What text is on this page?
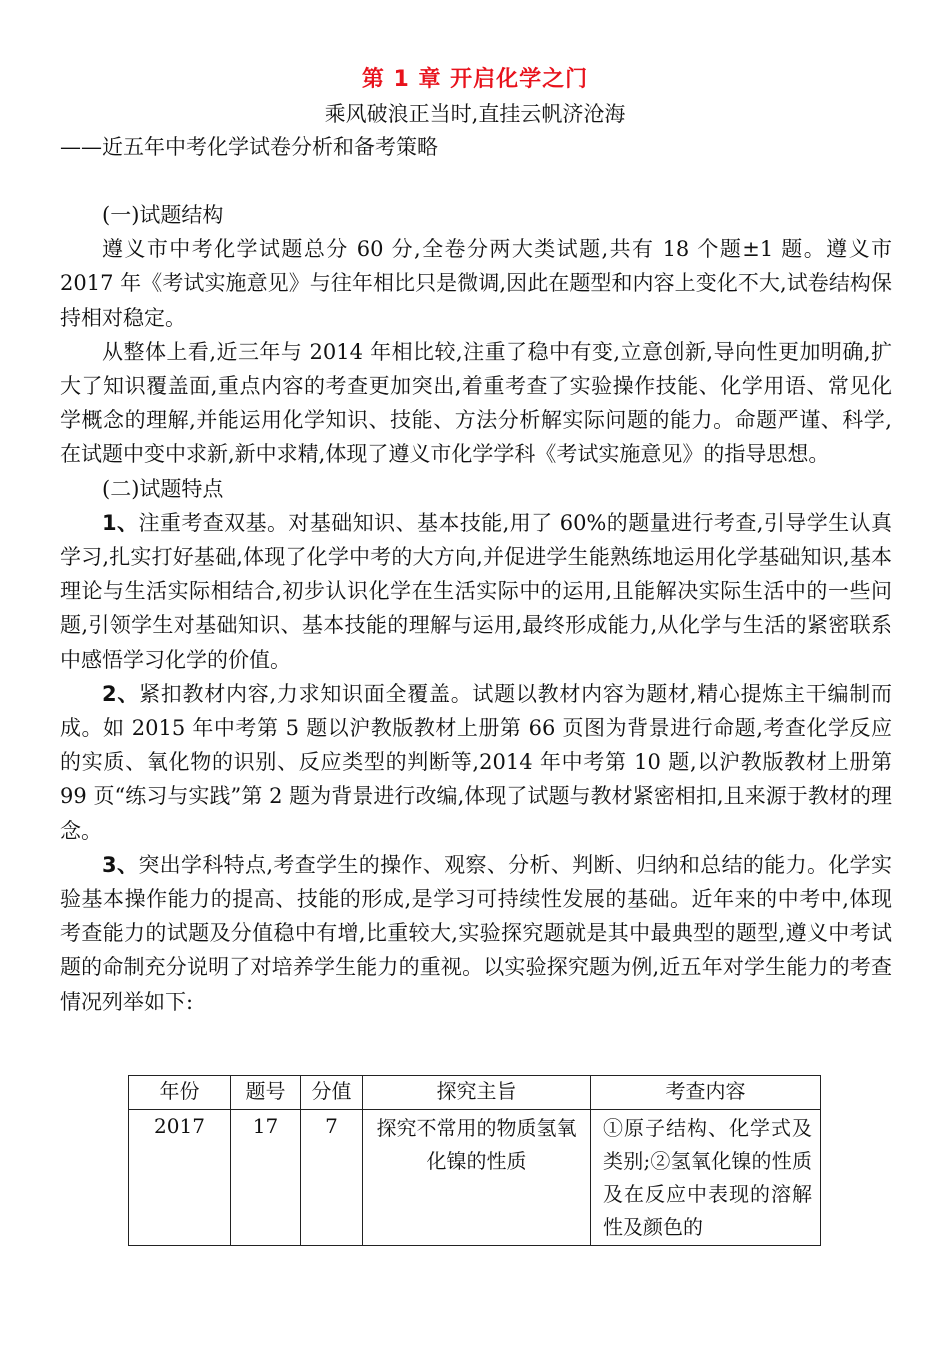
第 1 章 开启化学之门
乘风破浪正当时,直挂云帆济沧海
——近五年中考化学试卷分析和备考策略

(一)试题结构

遵义市中考化学试题总分 60 分,全卷分两大类试题,共有 18 个题±1 题。遵义市 2017 年《考试实施意见》与往年相比只是微调,因此在题型和内容上变化不大,试卷结构保持相对稳定。

从整体上看,近三年与 2014 年相比较,注重了稳中有变,立意创新,导向性更加明确,扩大了知识覆盖面,重点内容的考查更加突出,着重考查了实验操作技能、化学用语、常见化学概念的理解,并能运用化学知识、技能、方法分析解实际问题的能力。命题严谨、科学,在试题中变中求新,新中求精,体现了遵义市化学学科《考试实施意见》的指导思想。

(二)试题特点

1、注重考查双基。对基础知识、基本技能,用了 60%的题量进行考查,引导学生认真学习,扎实打好基础,体现了化学中考的大方向,并促进学生能熟练地运用化学基础知识,基本理论与生活实际相结合,初步认识化学在生活实际中的运用,且能解决实际生活中的一些问题,引领学生对基础知识、基本技能的理解与运用,最终形成能力,从化学与生活的紧密联系中感悟学习化学的价值。

2、紧扣教材内容,力求知识面全覆盖。试题以教材内容为题材,精心提炼主干编制而成。如 2015 年中考第 5 题以沪教版教材上册第 66 页图为背景进行命题,考查化学反应的实质、氧化物的识别、反应类型的判断等,2014 年中考第 10 题,以沪教版教材上册第 99 页“练习与实践”第 2 题为背景进行改编,体现了试题与教材紧密相扣,且来源于教材的理念。

3、突出学科特点,考查学生的操作、观察、分析、判断、归纳和总结的能力。化学实验基本操作能力的提高、技能的形成,是学习可持续性发展的基础。近年来的中考中,体现考查能力的试题及分值稳中有增,比重较大,实验探究题就是其中最典型的题型,遵义中考试题的命制充分说明了对培养学生能力的重视。以实验探究题为例,近五年对学生能力的考查情况列举如下:

年份	题号	分值	探究主旨	考查内容
2017	17	7	探究不常用的物质氢氧化镍的性质	①原子结构、化学式及类别;②氢氧化镍的性质及在反应中表现的溶解性及颜色的
